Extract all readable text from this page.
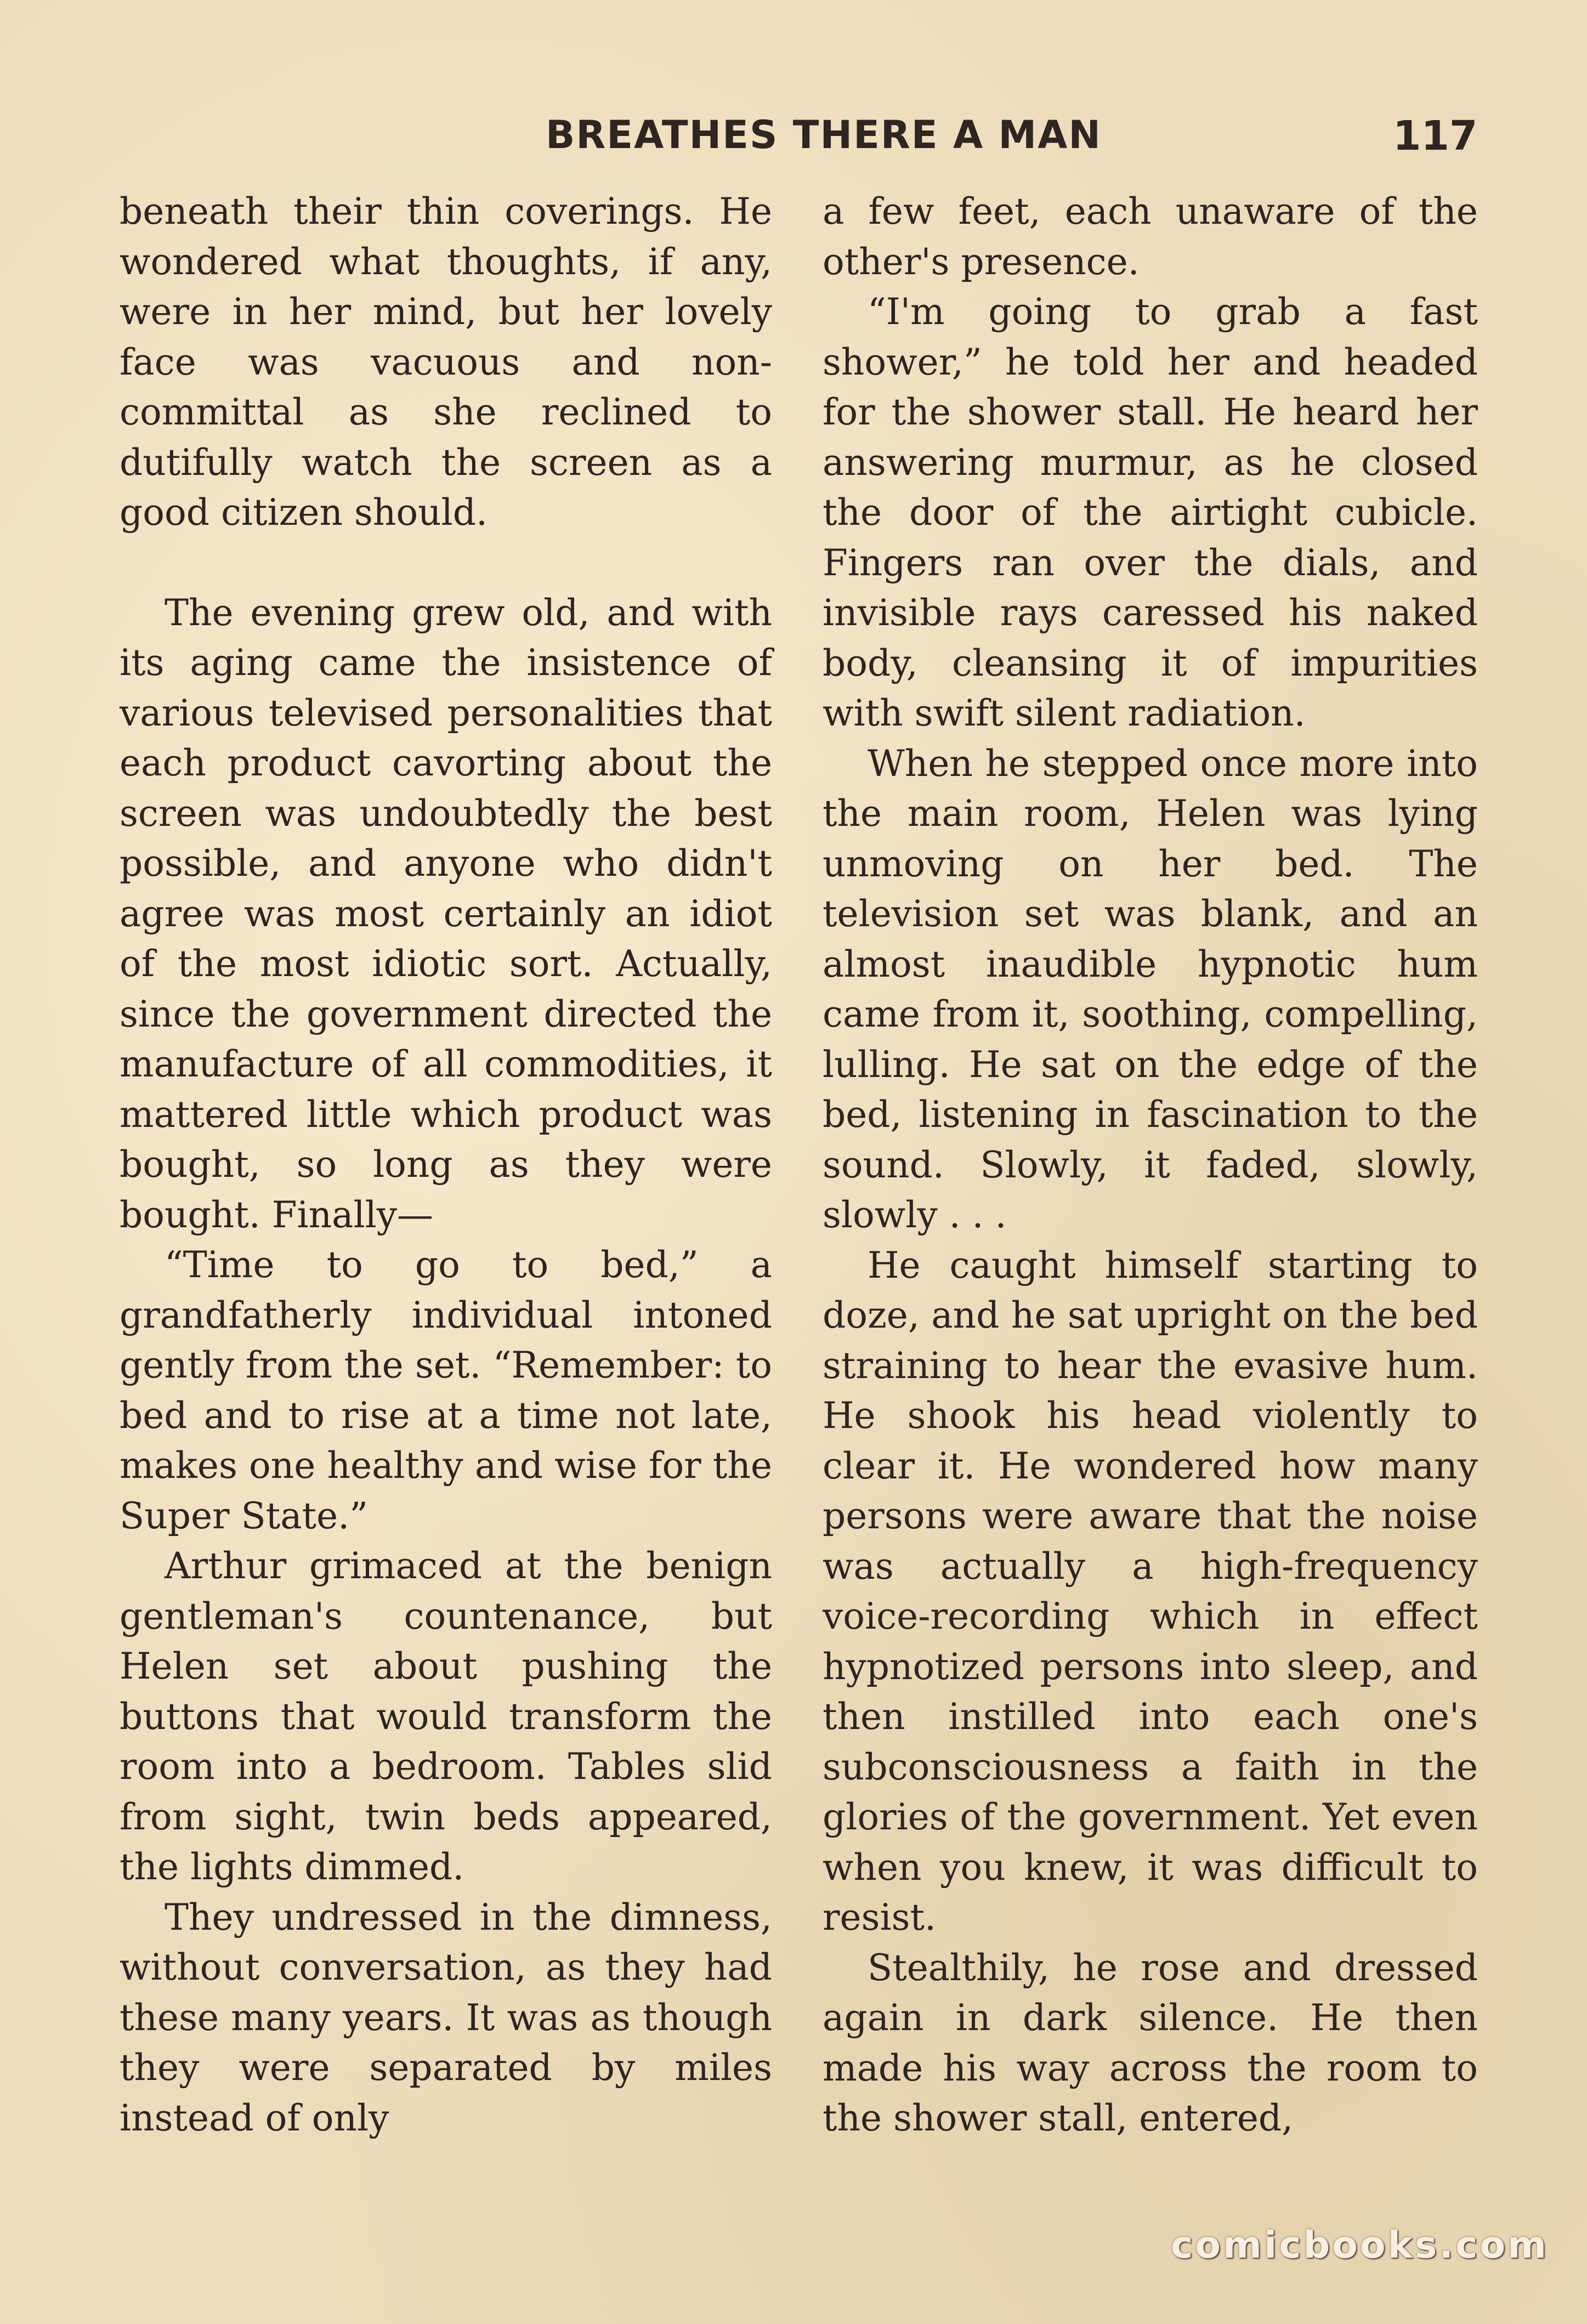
BREATHES THERE A MAN	117

beneath their thin coverings. He wondered what thoughts, if any, were in her mind, but her lovely face was vacuous and non-committal as she reclined to dutifully watch the screen as a good citizen should.

The evening grew old, and with its aging came the insistence of various televised personalities that each product cavorting about the screen was undoubtedly the best possible, and anyone who didn't agree was most certainly an idiot of the most idiotic sort. Actually, since the government directed the manufacture of all commodities, it mattered little which product was bought, so long as they were bought. Finally—

“Time to go to bed,” a grandfatherly individual intoned gently from the set. “Remember: to bed and to rise at a time not late, makes one healthy and wise for the Super State.”

Arthur grimaced at the benign gentleman's countenance, but Helen set about pushing the buttons that would transform the room into a bedroom. Tables slid from sight, twin beds appeared, the lights dimmed.

They undressed in the dimness, without conversation, as they had these many years. It was as though they were separated by miles instead of only

a few feet, each unaware of the other's presence.

“I'm going to grab a fast shower,” he told her and headed for the shower stall. He heard her answering murmur, as he closed the door of the airtight cubicle. Fingers ran over the dials, and invisible rays caressed his naked body, cleansing it of impurities with swift silent radiation.

When he stepped once more into the main room, Helen was lying unmoving on her bed. The television set was blank, and an almost inaudible hypnotic hum came from it, soothing, compelling, lulling. He sat on the edge of the bed, listening in fascination to the sound. Slowly, it faded, slowly, slowly . . .

He caught himself starting to doze, and he sat upright on the bed straining to hear the evasive hum. He shook his head violently to clear it. He wondered how many persons were aware that the noise was actually a high-frequency voice-recording which in effect hypnotized persons into sleep, and then instilled into each one's subconsciousness a faith in the glories of the government. Yet even when you knew, it was difficult to resist.

Stealthily, he rose and dressed again in dark silence. He then made his way across the room to the shower stall, entered,

comicbooks.com
